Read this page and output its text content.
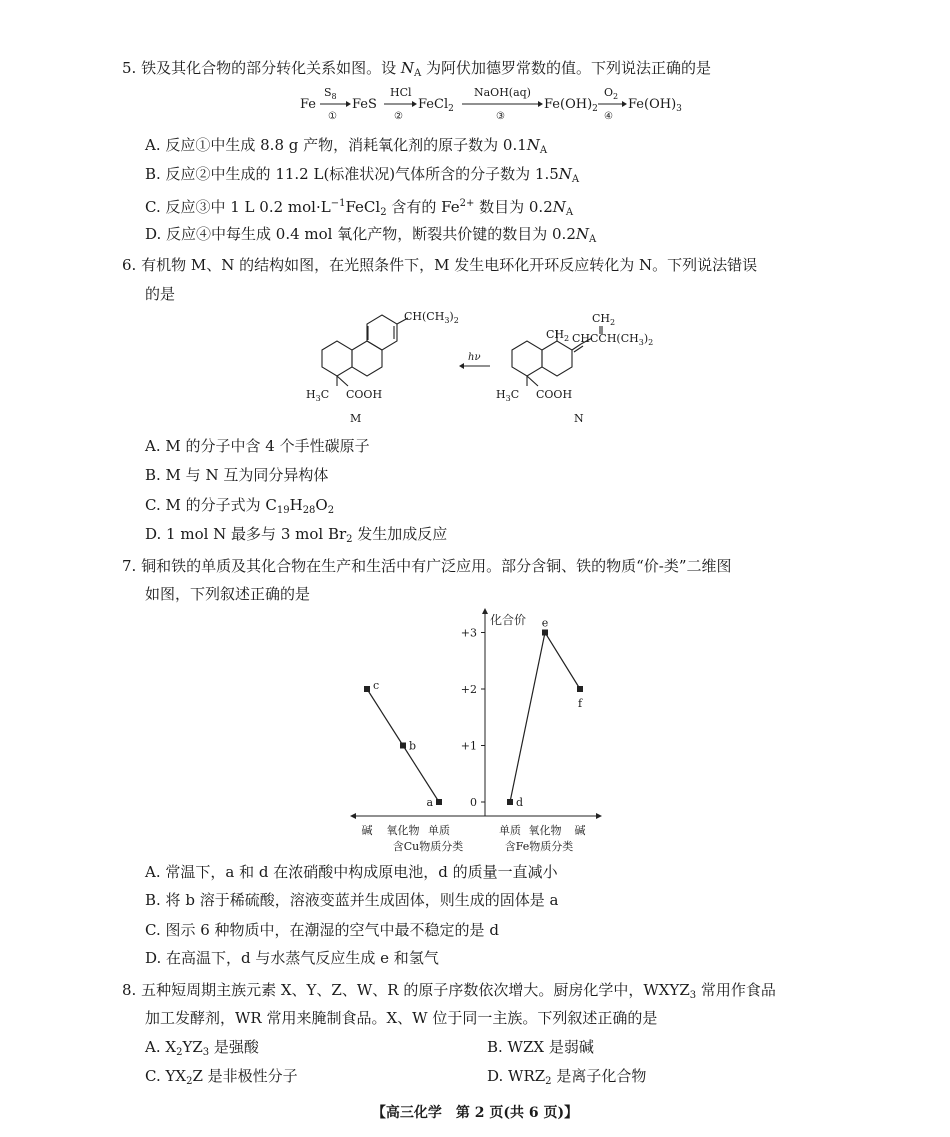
5. 铁及其化合物的部分转化关系如图。设 $N_A$ 为阿伏加德罗常数的值。下列说法正确的是
Fe
$S_8$
①
FeS
HCl
②
FeCl$_2$
NaOH(aq)
③
$Fe(OH)_2$
$O_2$
④
$Fe(OH)_3$
A. 反应①中生成 8.8 g 产物，消耗氧化剂的原子数为 $0.1N_A$
B. 反应②中生成的 11.2 L(标准状况)气体所含的分子数为 $1.5N_A$
C. 反应③中 1 L 0.2 $mol\cdot L^{-1}FeCl_2$ 含有的 $Fe^{2+}$ 数目为 $0.2N_A$
D. 反应④中每生成 0.4 mol 氧化产物，断裂共价键的数目为 $0.2N_A$
6. 有机物 M、N 的结构如图，在光照条件下，M 发生电环化开环反应转化为 N。下列说法错误
的是
$CH(CH_3)_2$
$H_3C$ COOH
M
hν
$CH_2$
$CH_2$
$CHCCH(CH_3)_2$
$H_3C$ COOH
N
A. M 的分子中含 4 个手性碳原子
B. M 与 N 互为同分异构体
C. M 的分子式为 $C_{19}H_{28}O_2$
D. 1 mol N 最多与 3 mol $Br_2$ 发生加成反应
7. 铜和铁的单质及其化合物在生产和生活中有广泛应用。部分含铜、铁的物质“价-类”二维图
如图，下列叙述正确的是
化合价
0
+1
+2
+3
碱 氧化物 单质	单质 氧化物 碱
c
b
a	d
e
f
含Cu物质分类	含Fe物质分类
A. 常温下，a 和 d 在浓硝酸中构成原电池，d 的质量一直减小
B. 将 b 溶于稀硫酸，溶液变蓝并生成固体，则生成的固体是 a
C. 图示 6 种物质中，在潮湿的空气中最不稳定的是 d
D. 在高温下，d 与水蒸气反应生成 e 和氢气
8. 五种短周期主族元素 X、Y、Z、W、R 的原子序数依次增大。厨房化学中，$WXYZ_3$ 常用作食品
加工发酵剂，WR 常用来腌制食品。X、W 位于同一主族。下列叙述正确的是
A. $X_2YZ_3$ 是强酸	B. WZX 是弱碱
C. $YX_2Z$ 是非极性分子	D. $WRZ_2$ 是离子化合物
【高三化学　第 2 页(共 6 页)】
